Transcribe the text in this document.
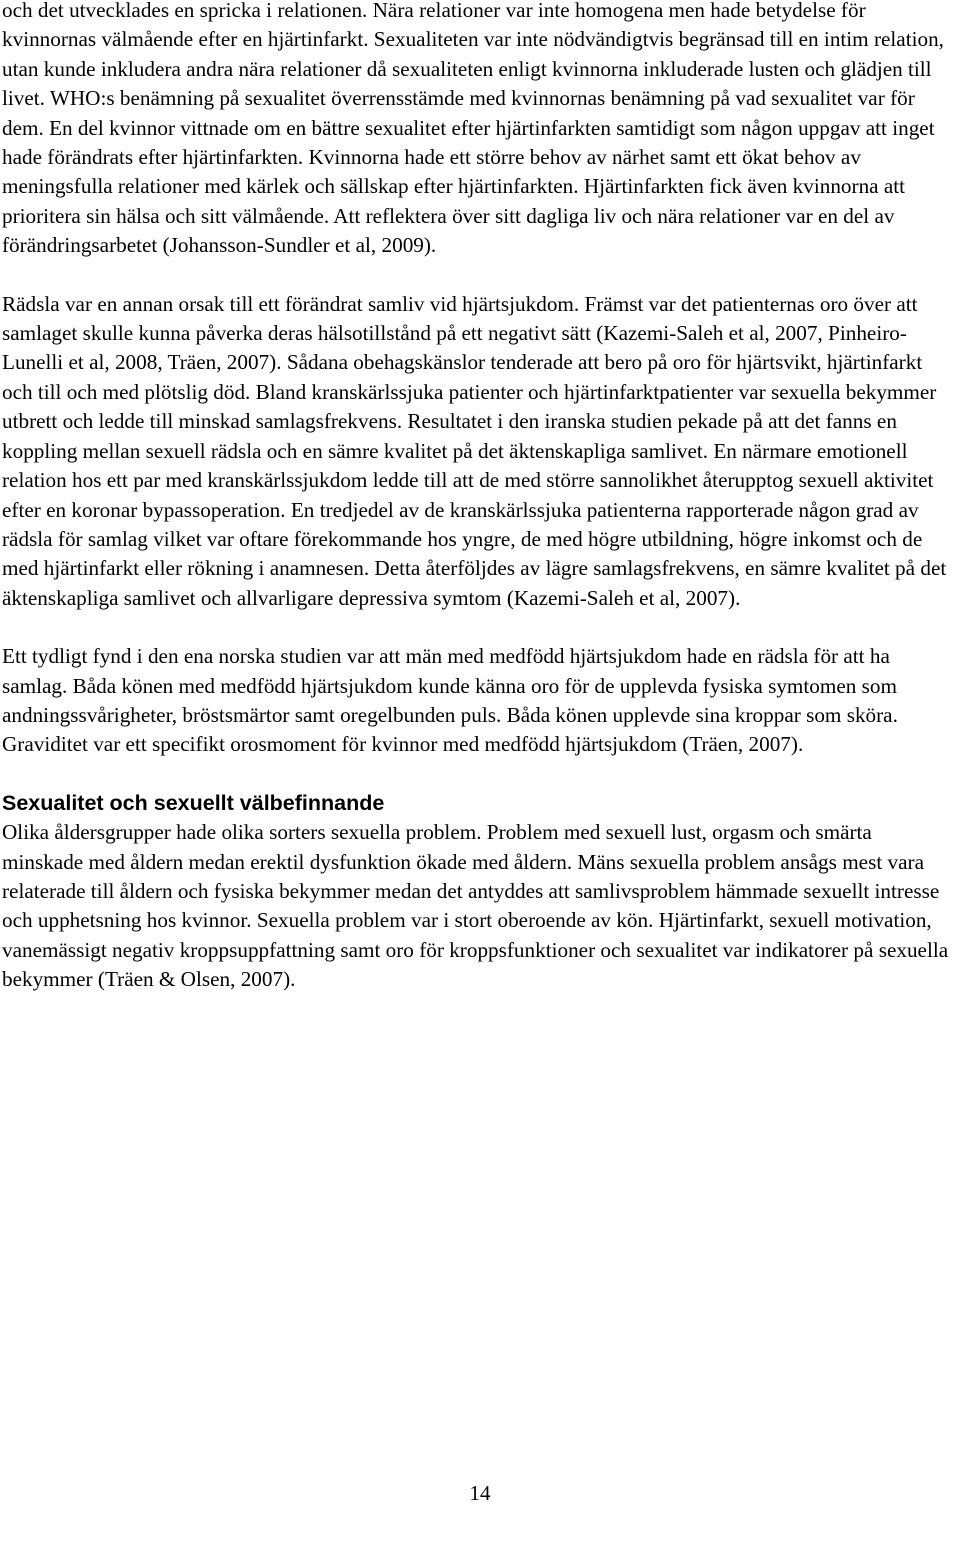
och det utvecklades en spricka i relationen. Nära relationer var inte homogena men hade betydelse för kvinnornas välmående efter en hjärtinfarkt. Sexualiteten var inte nödvändigtvis begränsad till en intim relation, utan kunde inkludera andra nära relationer då sexualiteten enligt kvinnorna inkluderade lusten och glädjen till livet. WHO:s benämning på sexualitet överrensstämde med kvinnornas benämning på vad sexualitet var för dem. En del kvinnor vittnade om en bättre sexualitet efter hjärtinfarkten samtidigt som någon uppgav att inget hade förändrats efter hjärtinfarkten. Kvinnorna hade ett större behov av närhet samt ett ökat behov av meningsfulla relationer med kärlek och sällskap efter hjärtinfarkten. Hjärtinfarkten fick även kvinnorna att prioritera sin hälsa och sitt välmående. Att reflektera över sitt dagliga liv och nära relationer var en del av förändringsarbetet (Johansson-Sundler et al, 2009).

Rädsla var en annan orsak till ett förändrat samliv vid hjärtsjukdom. Främst var det patienternas oro över att samlaget skulle kunna påverka deras hälsotillstånd på ett negativt sätt (Kazemi-Saleh et al, 2007, Pinheiro-Lunelli et al, 2008, Träen, 2007). Sådana obehagskänslor tenderade att bero på oro för hjärtsvikt, hjärtinfarkt och till och med plötslig död. Bland kranskärlssjuka patienter och hjärtinfarktpatienter var sexuella bekymmer utbrett och ledde till minskad samlagsfrekvens. Resultatet i den iranska studien pekade på att det fanns en koppling mellan sexuell rädsla och en sämre kvalitet på det äktenskapliga samlivet. En närmare emotionell relation hos ett par med kranskärlssjukdom ledde till att de med större sannolikhet återupptog sexuell aktivitet efter en koronar bypassoperation. En tredjedel av de kranskärlssjuka patienterna rapporterade någon grad av rädsla för samlag vilket var oftare förekommande hos yngre, de med högre utbildning, högre inkomst och de med hjärtinfarkt eller rökning i anamnesen. Detta återföljdes av lägre samlagsfrekvens, en sämre kvalitet på det äktenskapliga samlivet och allvarligare depressiva symtom (Kazemi-Saleh et al, 2007).

Ett tydligt fynd i den ena norska studien var att män med medfödd hjärtsjukdom hade en rädsla för att ha samlag. Båda könen med medfödd hjärtsjukdom kunde känna oro för de upplevda fysiska symtomen som andningssvårigheter, bröstsmärtor samt oregelbunden puls. Båda könen upplevde sina kroppar som sköra. Graviditet var ett specifikt orosmoment för kvinnor med medfödd hjärtsjukdom (Träen, 2007).

Sexualitet och sexuellt välbefinnande

Olika åldersgrupper hade olika sorters sexuella problem. Problem med sexuell lust, orgasm och smärta minskade med åldern medan erektil dysfunktion ökade med åldern. Mäns sexuella problem ansågs mest vara relaterade till åldern och fysiska bekymmer medan det antyddes att samlivsproblem hämmade sexuellt intresse och upphetsning hos kvinnor. Sexuella problem var i stort oberoende av kön. Hjärtinfarkt, sexuell motivation, vanemässigt negativ kroppsuppfattning samt oro för kroppsfunktioner och sexualitet var indikatorer på sexuella bekymmer (Träen & Olsen, 2007).

14
